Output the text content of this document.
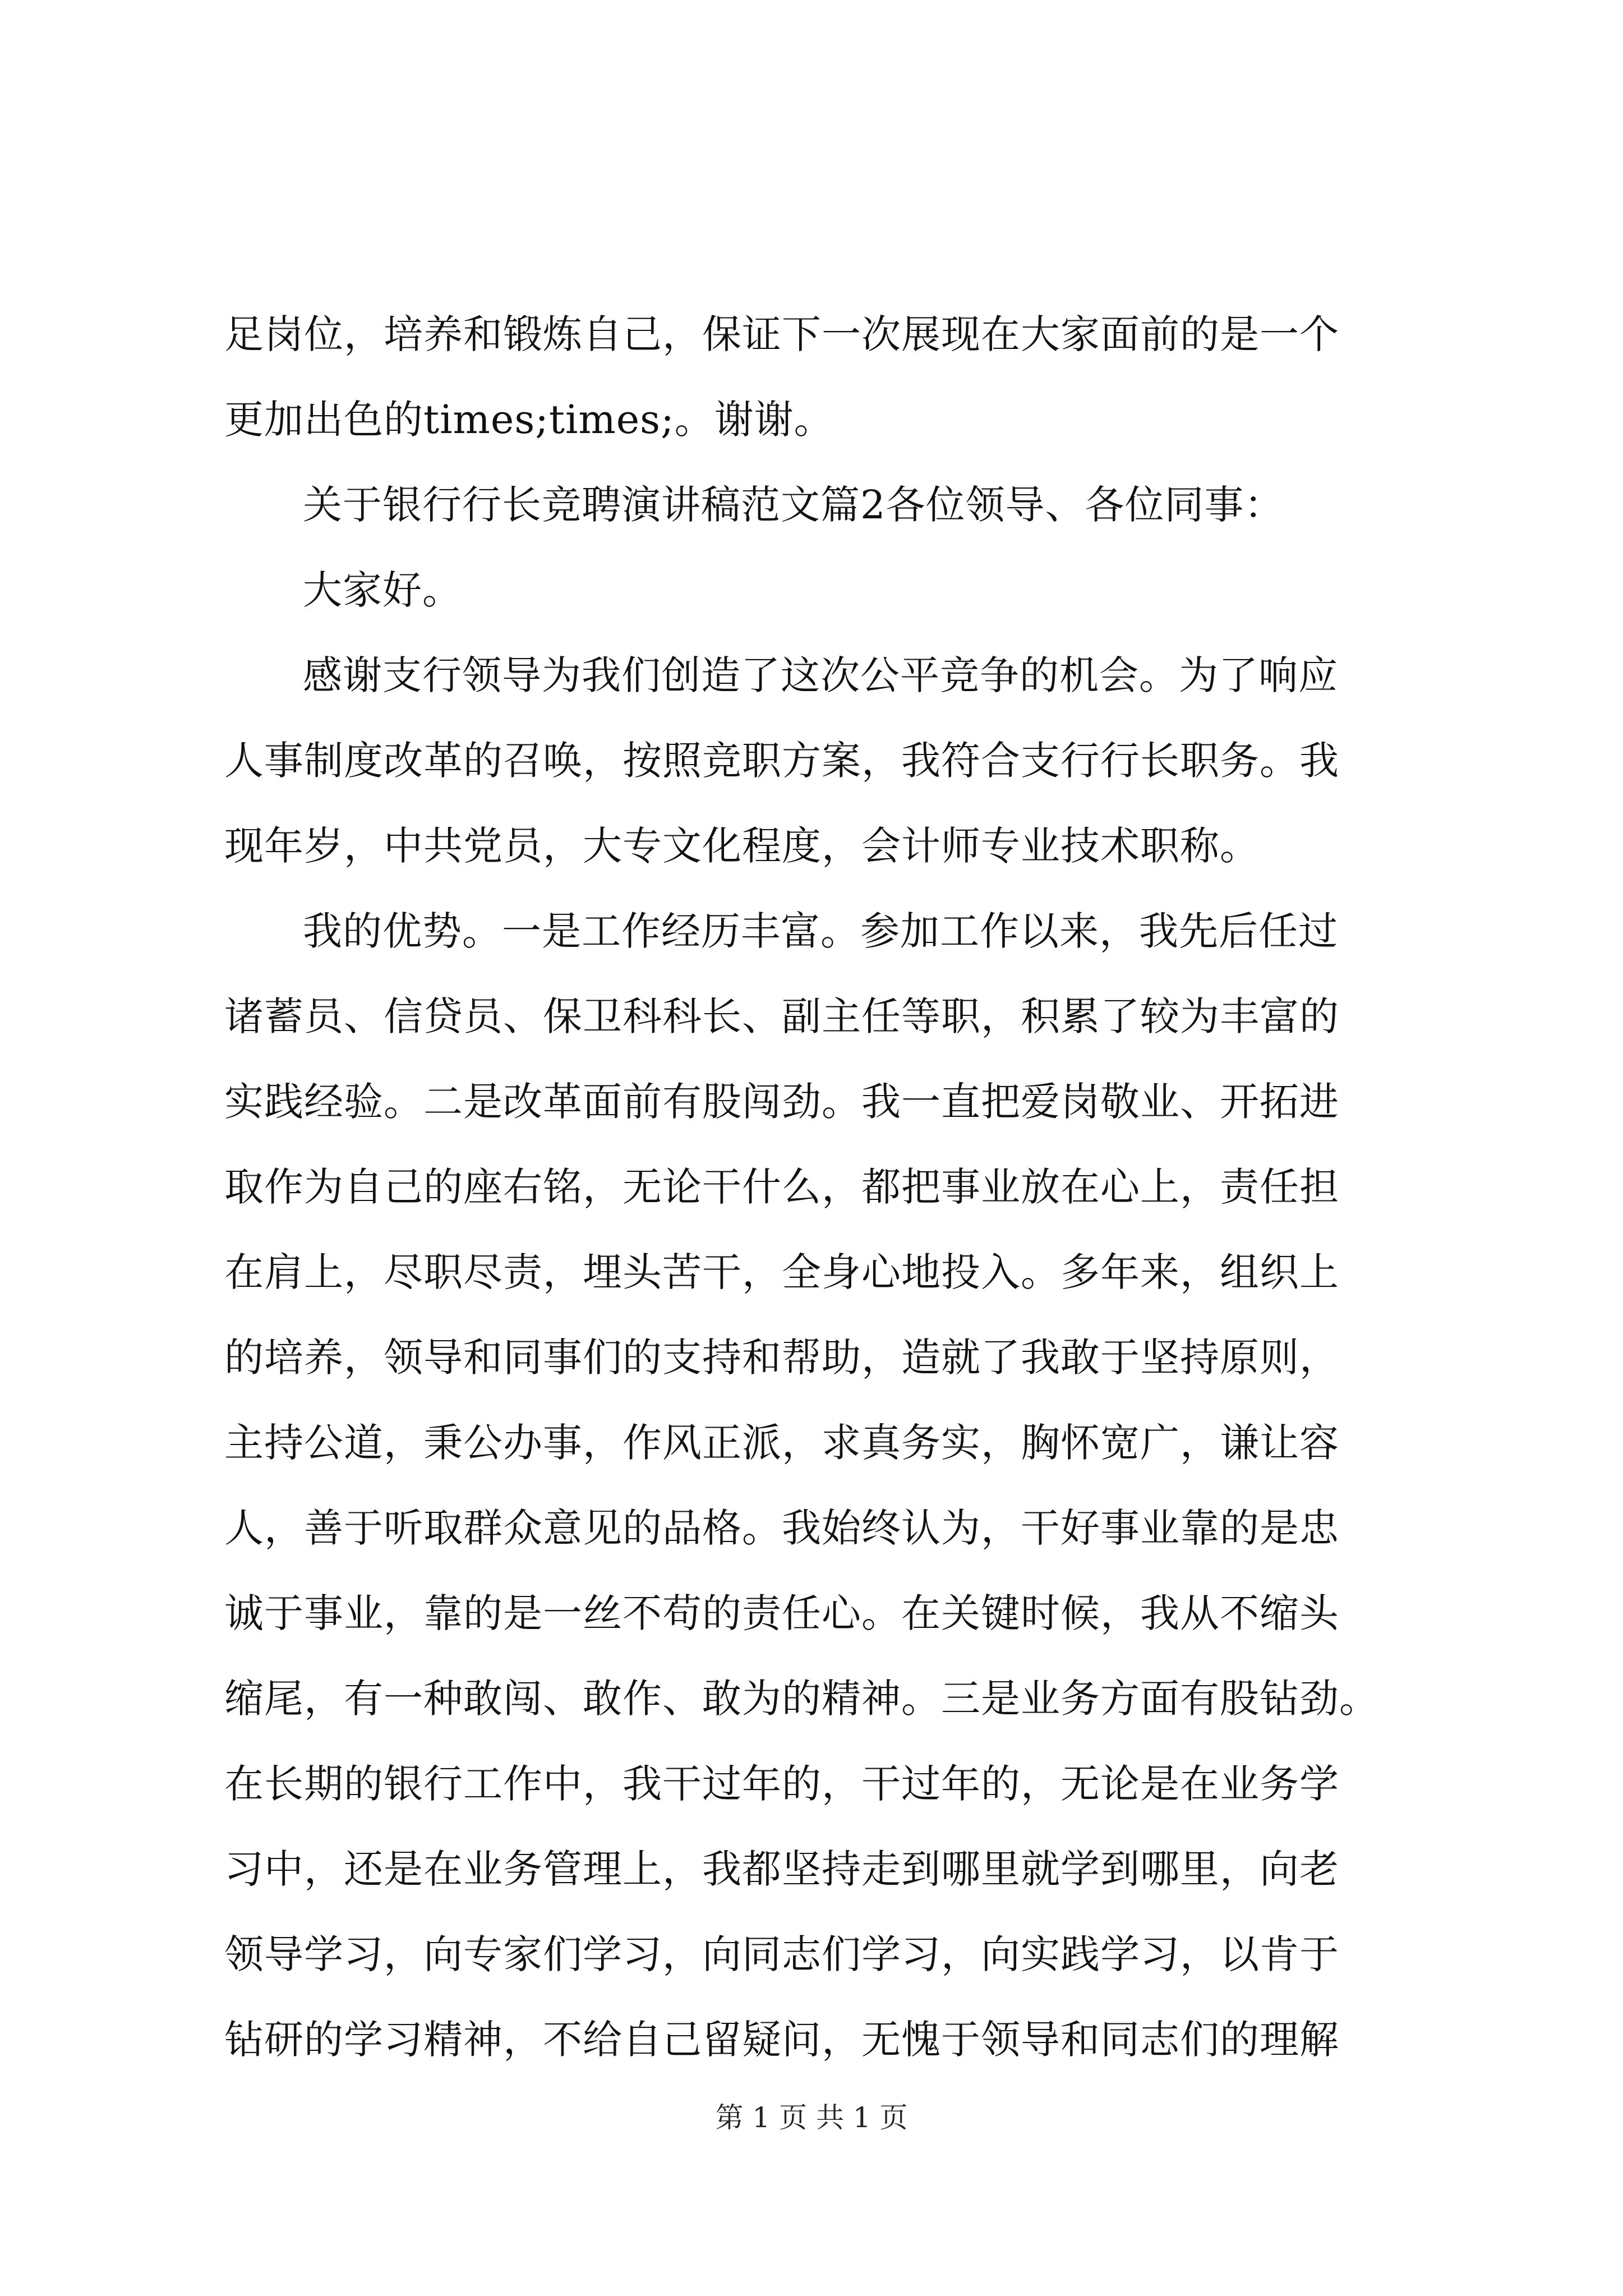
足岗位，培养和锻炼自己，保证下一次展现在大家面前的是一个
更加出色的times;times;。谢谢。
关于银行行长竞聘演讲稿范文篇2各位领导、各位同事：
大家好。
感谢支行领导为我们创造了这次公平竞争的机会。为了响应
人事制度改革的召唤，按照竞职方案，我符合支行行长职务。我
现年岁，中共党员，大专文化程度，会计师专业技术职称。
我的优势。一是工作经历丰富。参加工作以来，我先后任过
诸蓄员、信贷员、保卫科科长、副主任等职，积累了较为丰富的
实践经验。二是改革面前有股闯劲。我一直把爱岗敬业、开拓进
取作为自己的座右铭，无论干什么，都把事业放在心上，责任担
在肩上，尽职尽责，埋头苦干，全身心地投入。多年来，组织上
的培养，领导和同事们的支持和帮助，造就了我敢于坚持原则，
主持公道，秉公办事，作风正派，求真务实，胸怀宽广，谦让容
人，善于听取群众意见的品格。我始终认为，干好事业靠的是忠
诚于事业，靠的是一丝不苟的责任心。在关键时候，我从不缩头
缩尾，有一种敢闯、敢作、敢为的精神。三是业务方面有股钻劲。
在长期的银行工作中，我干过年的，干过年的，无论是在业务学
习中，还是在业务管理上，我都坚持走到哪里就学到哪里，向老
领导学习，向专家们学习，向同志们学习，向实践学习，以肯于
钻研的学习精神，不给自己留疑问，无愧于领导和同志们的理解
第 1 页 共 1 页
